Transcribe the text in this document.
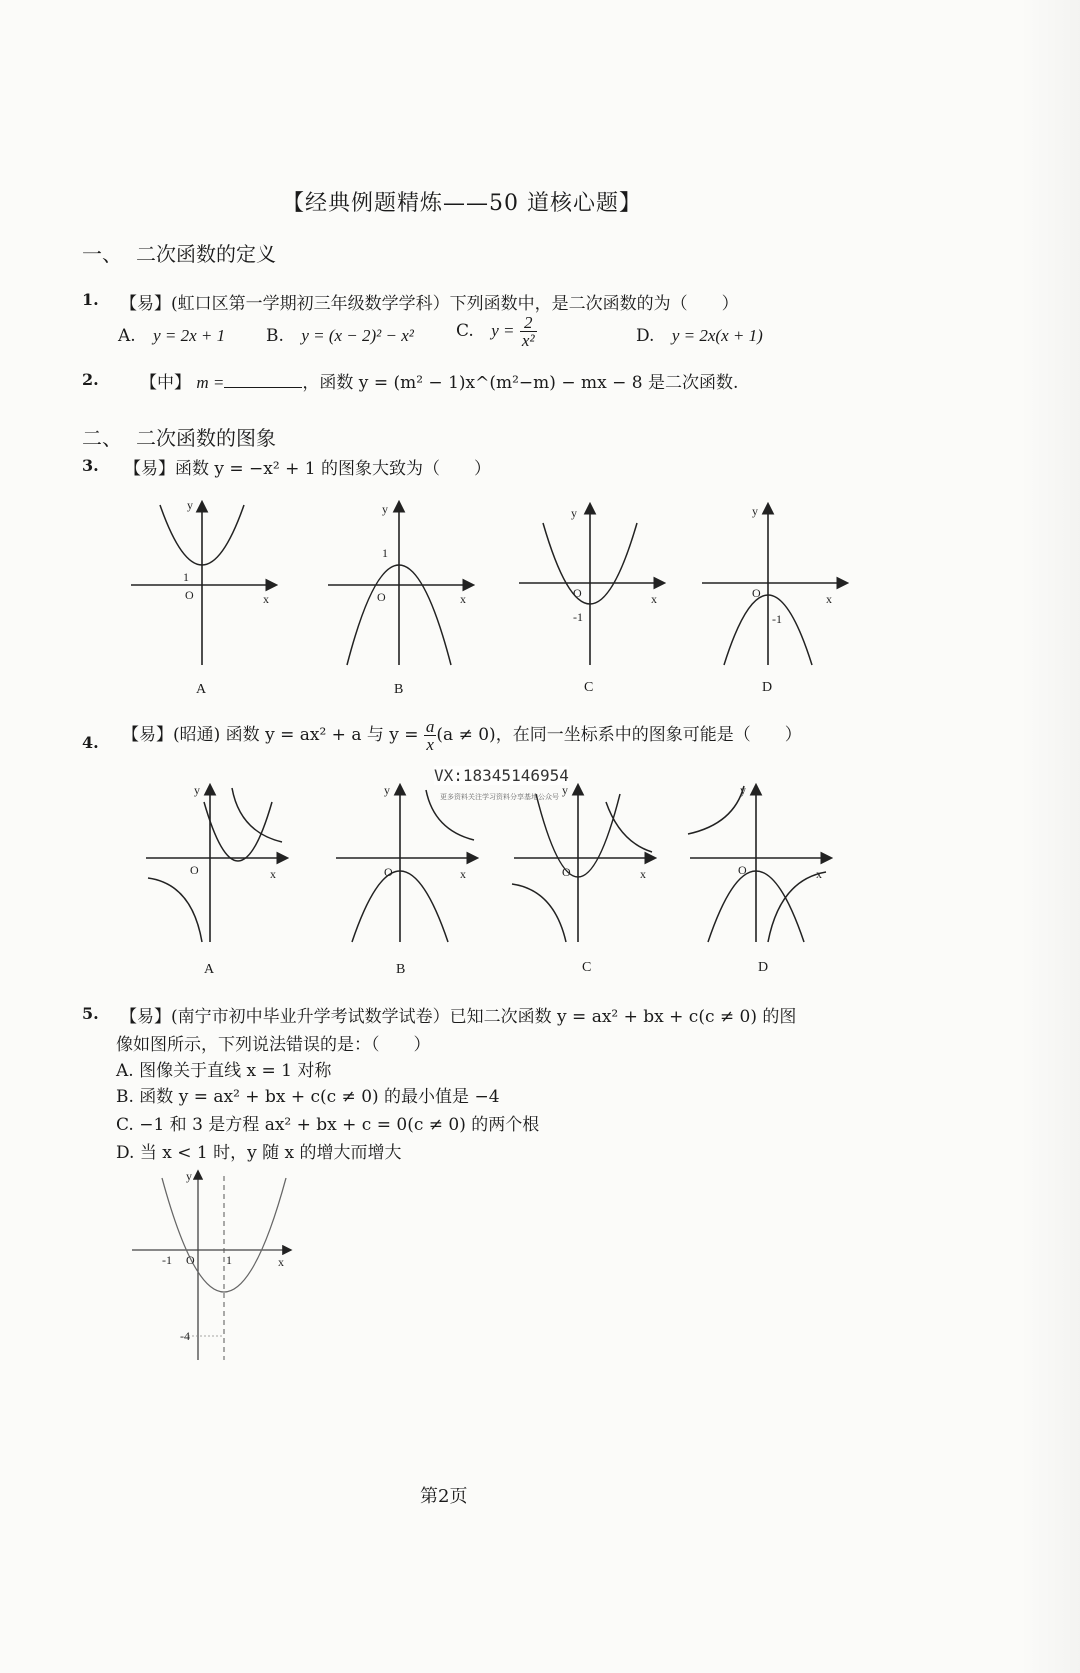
【经典例题精炼——50 道核心题】
一、 二次函数的定义
1. 【易】(虹口区第一学期初三年级数学学科）下列函数中，是二次函数的为（　　）
A. y = 2x + 1 B. y = (x − 2)² − x² C. $y = \frac{2}{\text{x²}}$	D. y = 2x(x + 1)
2. 【中】 m =	，函数 y = (m² − 1)x^(m²−m) − mx − 8 是二次函数.
二、 二次函数的图象
3. 【易】函数 y = −x² + 1 的图象大致为（　　）
1
O	x
y
A
1
O	x
y
B
O
-1
x
y
C
O
-1
x
y
D
4. 【易】(昭通) 函数 y = ax² + a 与 $y = \frac{a}{x} (a \ne 0)$，在同一坐标系中的图象可能是（　　）
VX:18345146954
更多资料关注学习资料分享基地公众号
O	x
y
A
O	x
y
B
O	x
y
C
O	x
y
D
5. 【易】(南宁市初中毕业升学考试数学试卷）已知二次函数 y = ax² + bx + c(c ≠ 0) 的图
像如图所示，下列说法错误的是：（　　）
A. 图像关于直线 x = 1 对称
B. 函数 y = ax² + bx + c(c ≠ 0) 的最小值是 −4
C. −1 和 3 是方程 ax² + bx + c = 0(c ≠ 0) 的两个根
D. 当 x < 1 时，y 随 x 的增大而增大
-1 O	1
-4
x
y
第2页
